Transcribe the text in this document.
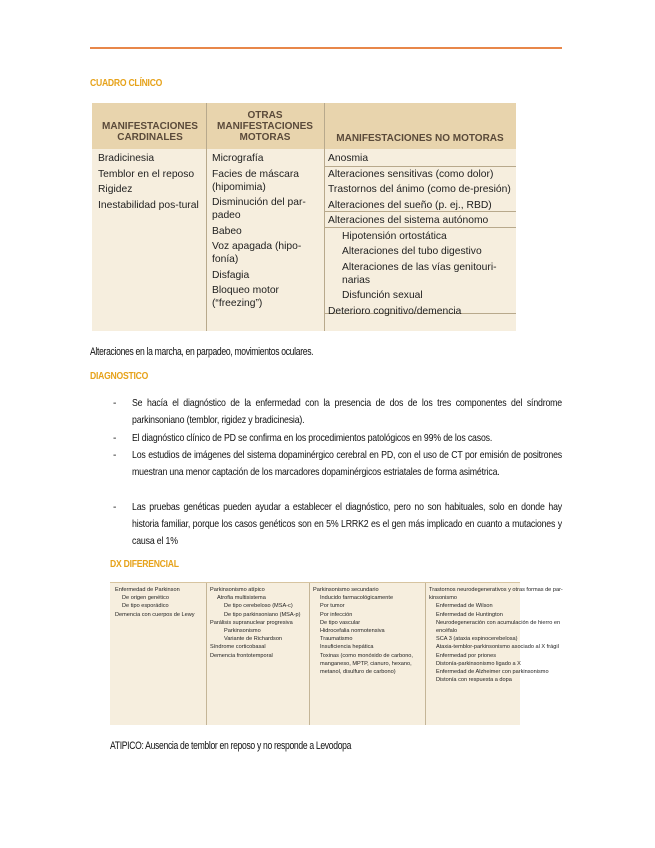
CUADRO CLÍNICO
MANIFESTACIONES CARDINALES
OTRAS MANIFESTACIONES MOTORAS	MANIFESTACIONES NO MOTORAS
Bradicinesia
Temblor en el reposo
Rigidez
Inestabilidad pos-tural
Micrografía
Facies de máscara (hipomimia)
Disminución del par-padeo
Babeo
Voz apagada (hipo-fonía)
Disfagia
Bloqueo motor (“freezing”)
Anosmia
Alteraciones sensitivas (como dolor)
Trastornos del ánimo (como de-presión)
Alteraciones del sueño (p. ej., RBD)
Alteraciones del sistema autónomo
Hipotensión ortostática
Alteraciones del tubo digestivo
Alteraciones de las vías genitouri-narias
Disfunción sexual
Deterioro cognitivo/demencia
Alteraciones en la marcha, en parpadeo, movimientos oculares.
DIAGNOSTICO
- Se hacía el diagnóstico de la enfermedad con la presencia de dos de los tres componentes del síndrome parkinsoniano (temblor, rigidez y bradicinesia).
- El diagnóstico clínico de PD se confirma en los procedimientos patológicos en 99% de los casos.
- Los estudios de imágenes del sistema dopaminérgico cerebral en PD, con el uso de CT por emisión de positrones muestran una menor captación de los marcadores dopaminérgicos estriatales de forma asimétrica.
- Las pruebas genéticas pueden ayudar a establecer el diagnóstico, pero no son habituales, solo en donde hay historia familiar, porque los casos genéticos son en 5% LRRK2 es el gen más implicado en cuanto a mutaciones y causa el 1%
DX DIFERENCIAL
Enfermedad de Parkinson
De origen genético
De tipo esporádico
Demencia con cuerpos de Lewy
Parkinsonismo atípico
Atrofia multisistema
De tipo cerebeloso (MSA-c)
De tipo parkinsoniano (MSA-p)
Parálisis supranuclear progresiva
Parkinsonismo
Variante de Richardson
Síndrome corticobasal
Demencia frontotemporal
Parkinsonismo secundario
Inducido farmacológicamente
Por tumor
Por infección
De tipo vascular
Hidrocefalia normotensiva
Traumatismo
Insuficiencia hepática
Toxinas (como monóxido de carbono,
manganeso, MPTP, cianuro, hexano,
metanol, disulfuro de carbono)
Trastornos neurodegenerativos y otras formas de par-
kinsonismo
Enfermedad de Wilson
Enfermedad de Huntington
Neurodegeneración con acumulación de hierro en
encéfalo
SCA 3 (ataxia espinocerebelosa)
Ataxia-temblor-parkinsonismo asociado al X frágil
Enfermedad por priones
Distonía-parkinsonismo ligado a X
Enfermedad de Alzheimer con parkinsonismo
Distonía con respuesta a dopa
ATIPICO: Ausencia de temblor en reposo y no responde a Levodopa
